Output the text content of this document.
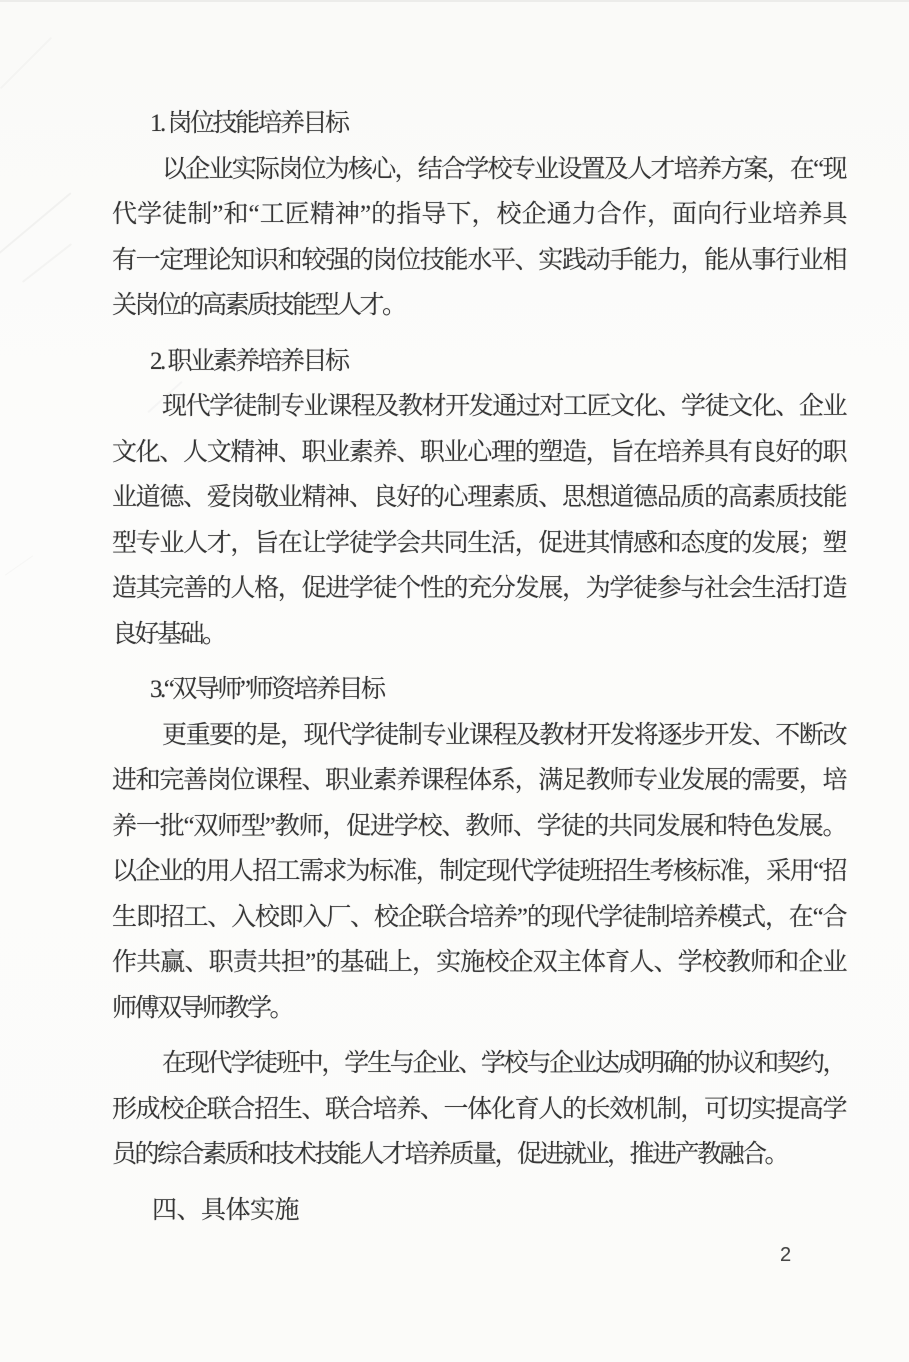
1. 岗位技能培养目标
以企业实际岗位为核心，结合学校专业设置及人才培养方案，在“现
代学徒制”和“工匠精神”的指导下，校企通力合作，面向行业培养具
有一定理论知识和较强的岗位技能水平、实践动手能力，能从事行业相
关岗位的高素质技能型人才。
2. 职业素养培养目标
现代学徒制专业课程及教材开发通过对工匠文化、学徒文化、企业
文化、人文精神、职业素养、职业心理的塑造，旨在培养具有良好的职
业道德、爱岗敬业精神、良好的心理素质、思想道德品质的高素质技能
型专业人才，旨在让学徒学会共同生活，促进其情感和态度的发展；塑
造其完善的人格，促进学徒个性的充分发展，为学徒参与社会生活打造
良好基础。
3.“双导师”师资培养目标
更重要的是，现代学徒制专业课程及教材开发将逐步开发、不断改
进和完善岗位课程、职业素养课程体系，满足教师专业发展的需要，培
养一批“双师型”教师，促进学校、教师、学徒的共同发展和特色发展。
以企业的用人招工需求为标准，制定现代学徒班招生考核标准，采用“招
生即招工、入校即入厂、校企联合培养”的现代学徒制培养模式，在“合
作共赢、职责共担”的基础上，实施校企双主体育人、学校教师和企业
师傅双导师教学。
在现代学徒班中，学生与企业、学校与企业达成明确的协议和契约，
形成校企联合招生、联合培养、一体化育人的长效机制，可切实提高学
员的综合素质和技术技能人才培养质量，促进就业，推进产教融合。
四、具体实施
2
